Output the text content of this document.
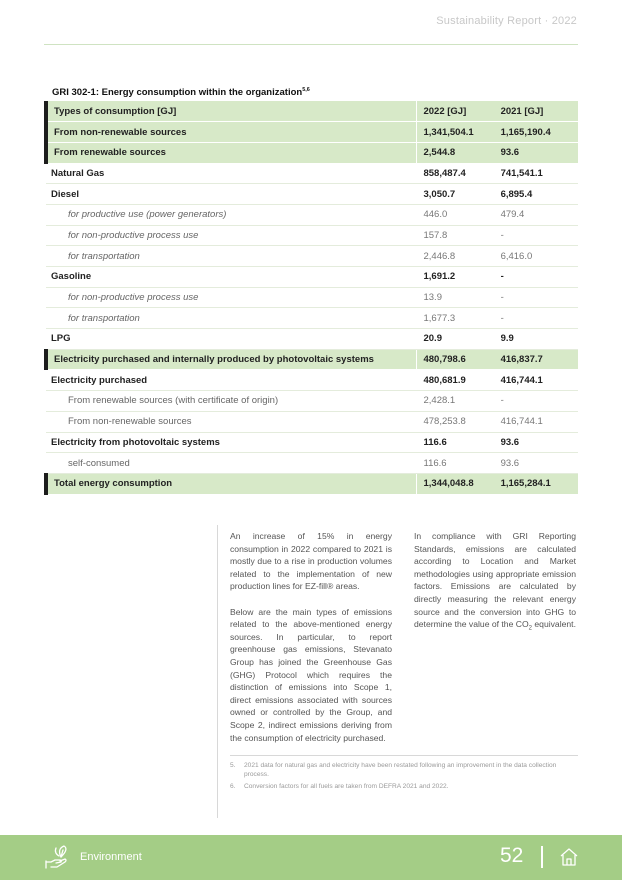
Sustainability Report · 2022
GRI 302-1: Energy consumption within the organization$^{5,6}$
Types of consumption [GJ]	2022 [GJ]	2021 [GJ]
From non-renewable sources	1,341,504.1	1,165,190.4
From renewable sources	2,544.8	93.6
Natural Gas	858,487.4	741,541.1
Diesel	3,050.7	6,895.4
for productive use (power generators)	446.0	479.4
for non-productive process use	157.8	-
for transportation	2,446.8	6,416.0
Gasoline	1,691.2	-
for non-productive process use	13.9	-
for transportation	1,677.3	-
LPG	20.9	9.9
Electricity purchased and internally produced by photovoltaic systems	480,798.6	416,837.7
Electricity purchased	480,681.9	416,744.1
From renewable sources (with certificate of origin)	2,428.1	-
From non-renewable sources	478,253.8	416,744.1
Electricity from photovoltaic systems	116.6	93.6
self-consumed	116.6	93.6
Total energy consumption	1,344,048.8	1,165,284.1

An increase of 15% in energy consumption in 2022 compared to 2021 is mostly due to a rise in production volumes related to the implementation of new production lines for EZ-fill® areas.

Below are the main types of emissions related to the above-mentioned energy sources. In particular, to report greenhouse gas emissions, Stevanato Group has joined the Greenhouse Gas (GHG) Protocol which requires the distinction of emissions into Scope 1, direct emissions associated with sources owned or controlled by the Group, and Scope 2, indirect emissions deriving from the consumption of electricity purchased.

In compliance with GRI Reporting Standards, emissions are calculated according to Location and Market methodologies using appropriate emission factors. Emissions are calculated by directly measuring the relevant energy source and the conversion into GHG to determine the value of the $CO_2$ equivalent.

5.	2021 data for natural gas and electricity have been restated following an improvement in the data collection process.
6.	Conversion factors for all fuels are taken from DEFRA 2021 and 2022.
Environment	52
